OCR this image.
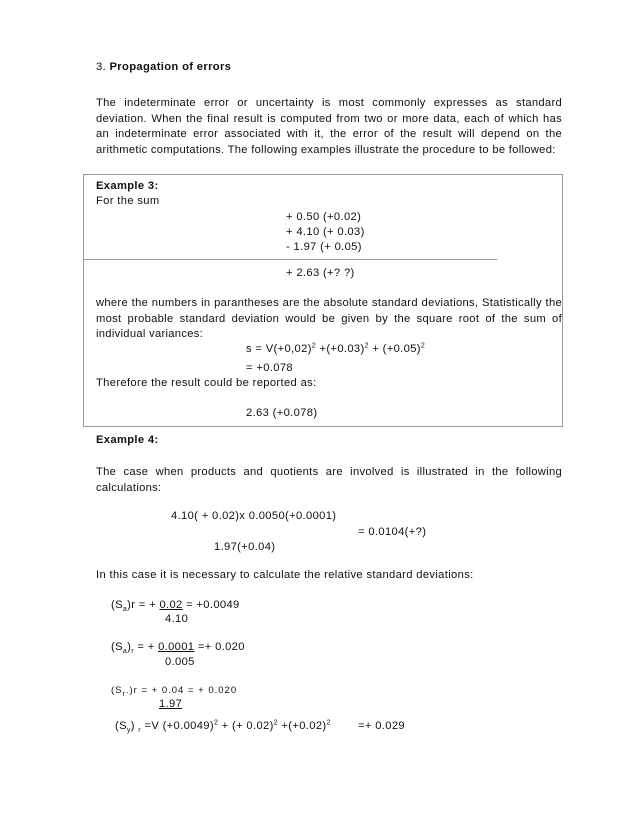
3. Propagation of errors
The indeterminate error or uncertainty is most commonly expresses as standard deviation. When the final result is computed from two or more data, each of which has an indeterminate error associated with it, the error of the result will depend on the arithmetic computations. The following examples illustrate the procedure to be followed:
Example 3:
For the sum
+ 0.50 (+0.02)
+ 4.10 (+ 0.03)
- 1.97 (+ 0.05)
+ 2.63 (+? ?)
where the numbers in parantheses are the absolute standard deviations, Statistically the most probable standard deviation would be given by the square root of the sum of individual variances:
$s = V(+0,02)^2 +(+0.03)^2 + (+0.05)^2$
= +0.078
Therefore the result could be reported as:
2.63 (+0.078)
Example 4:
The case when products and quotients are involved is illustrated in the following calculations:
4.10( + 0.02)x 0.0050(+0.0001)
= 0.0104(+?)
1.97(+0.04)
In this case it is necessary to calculate the relative standard deviations:
$(S_a)r$ = + 0.02 = +0.0049
4.10
$(S_a)_r$ = + 0.0001 =+ 0.020
0.005
$(S_r.)r$ = + 0.04 = + 0.020
1.97
$(S_y)$ $_r$ =V $(+0.0049)^2$ + (+ $0.02)^2 +(+0.02)^2 =+ 0.029$
